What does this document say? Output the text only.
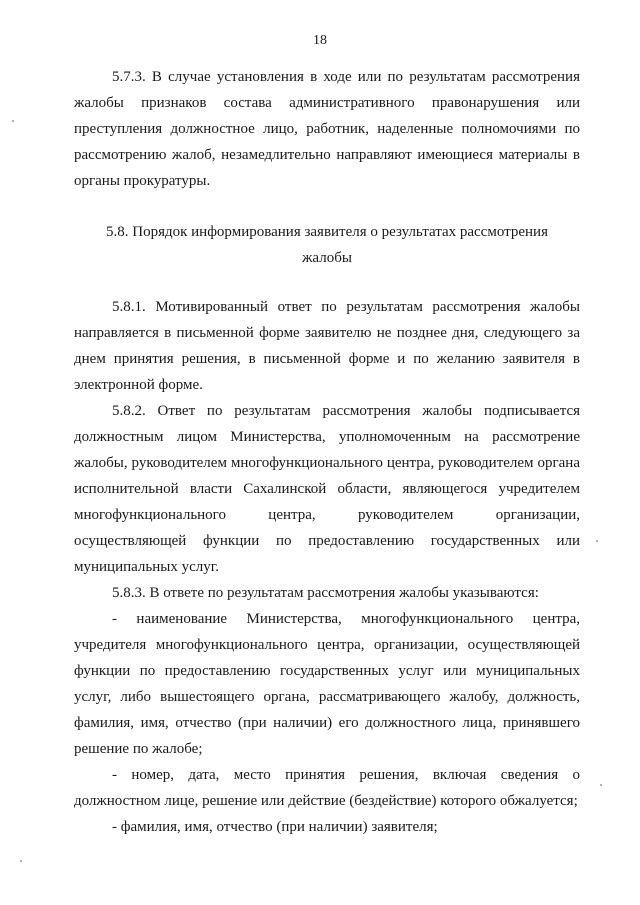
18

5.7.3. В случае установления в ходе или по результатам рассмотрения жалобы признаков состава административного правонарушения или преступления должностное лицо, работник, наделенные полномочиями по рассмотрению жалоб, незамедлительно направляют имеющиеся материалы в органы прокуратуры.

5.8. Порядок информирования заявителя о результатах рассмотрения
жалобы

5.8.1. Мотивированный ответ по результатам рассмотрения жалобы направляется в письменной форме заявителю не позднее дня, следующего за днем принятия решения, в письменной форме и по желанию заявителя в электронной форме.

5.8.2. Ответ по результатам рассмотрения жалобы подписывается должностным лицом Министерства, уполномоченным на рассмотрение жалобы, руководителем многофункционального центра, руководителем органа исполнительной власти Сахалинской области, являющегося учредителем многофункционального центра, руководителем организации, осуществляющей функции по предоставлению государственных или муниципальных услуг.

5.8.3. В ответе по результатам рассмотрения жалобы указываются:

- наименование Министерства, многофункционального центра, учредителя многофункционального центра, организации, осуществляющей функции по предоставлению государственных услуг или муниципальных услуг, либо вышестоящего органа, рассматривающего жалобу, должность, фамилия, имя, отчество (при наличии) его должностного лица, принявшего решение по жалобе;

- номер, дата, место принятия решения, включая сведения о должностном лице, решение или действие (бездействие) которого обжалуется;

- фамилия, имя, отчество (при наличии) заявителя;
